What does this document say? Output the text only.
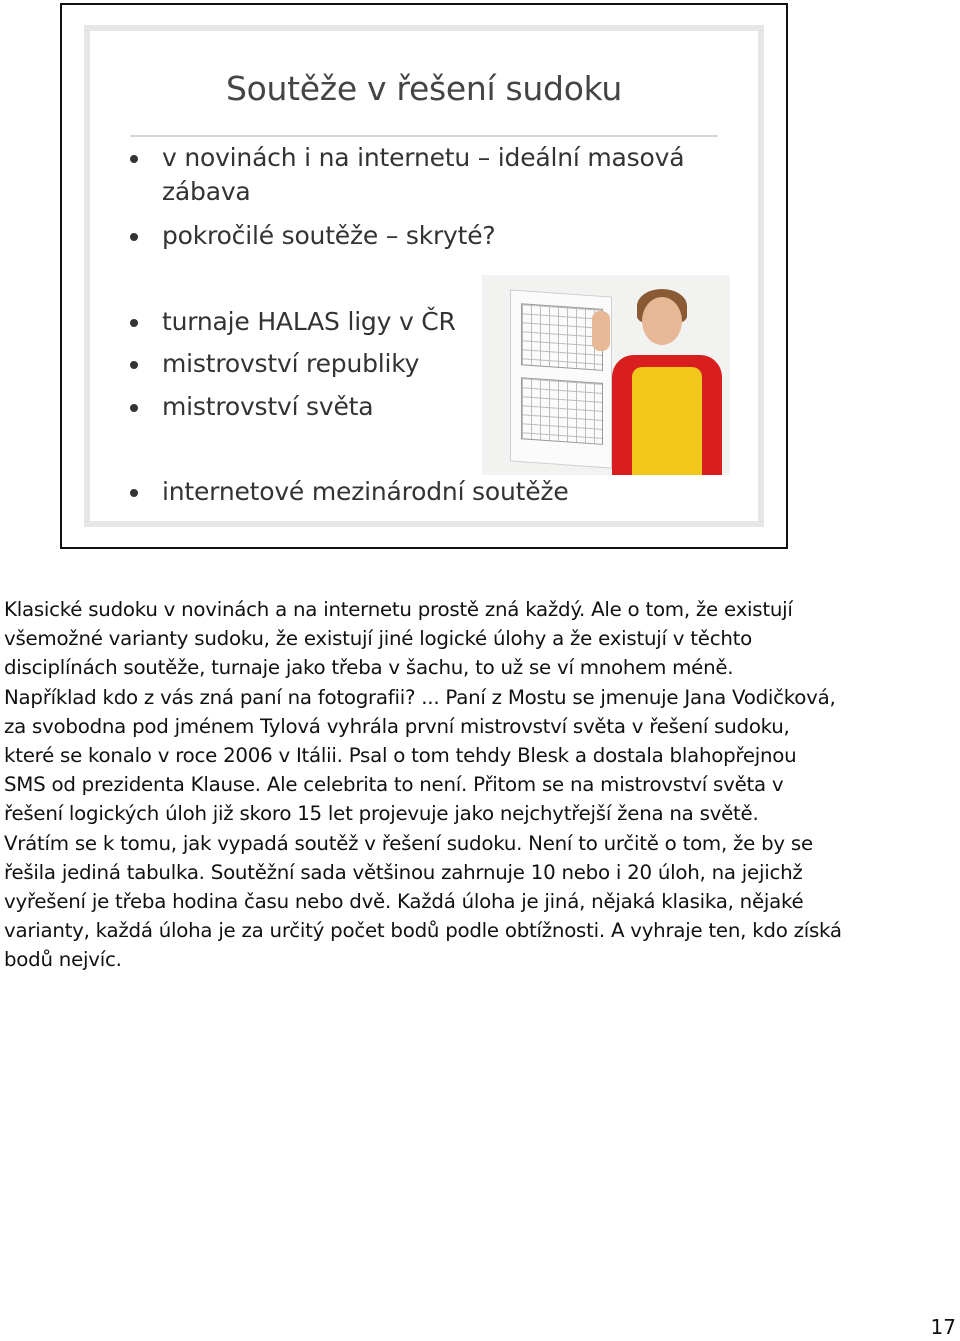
Soutěže v řešení sudoku
v novinách i na internetu – ideální masová zábava
pokročilé soutěže – skryté?
turnaje HALAS ligy v ČR
mistrovství republiky
mistrovství světa
internetové mezinárodní soutěže
Klasické sudoku v novinách a na internetu prostě zná každý. Ale o tom, že existují
všemožné varianty sudoku, že existují jiné logické úlohy a že existují v těchto
disciplínách soutěže, turnaje jako třeba v šachu, to už se ví mnohem méně.
Například kdo z vás zná paní na fotografii? ... Paní z Mostu se jmenuje Jana Vodičková,
za svobodna pod jménem Tylová vyhrála první mistrovství světa v řešení sudoku,
které se konalo v roce 2006 v Itálii. Psal o tom tehdy Blesk a dostala blahopřejnou
SMS od prezidenta Klause. Ale celebrita to není. Přitom se na mistrovství světa v
řešení logických úloh již skoro 15 let projevuje jako nejchytřejší žena na světě.
Vrátím se k tomu, jak vypadá soutěž v řešení sudoku. Není to určitě o tom, že by se
řešila jediná tabulka. Soutěžní sada většinou zahrnuje 10 nebo i 20 úloh, na jejichž
vyřešení je třeba hodina času nebo dvě. Každá úloha je jiná, nějaká klasika, nějaké
varianty, každá úloha je za určitý počet bodů podle obtížnosti. A vyhraje ten, kdo získá
bodů nejvíc.
17
